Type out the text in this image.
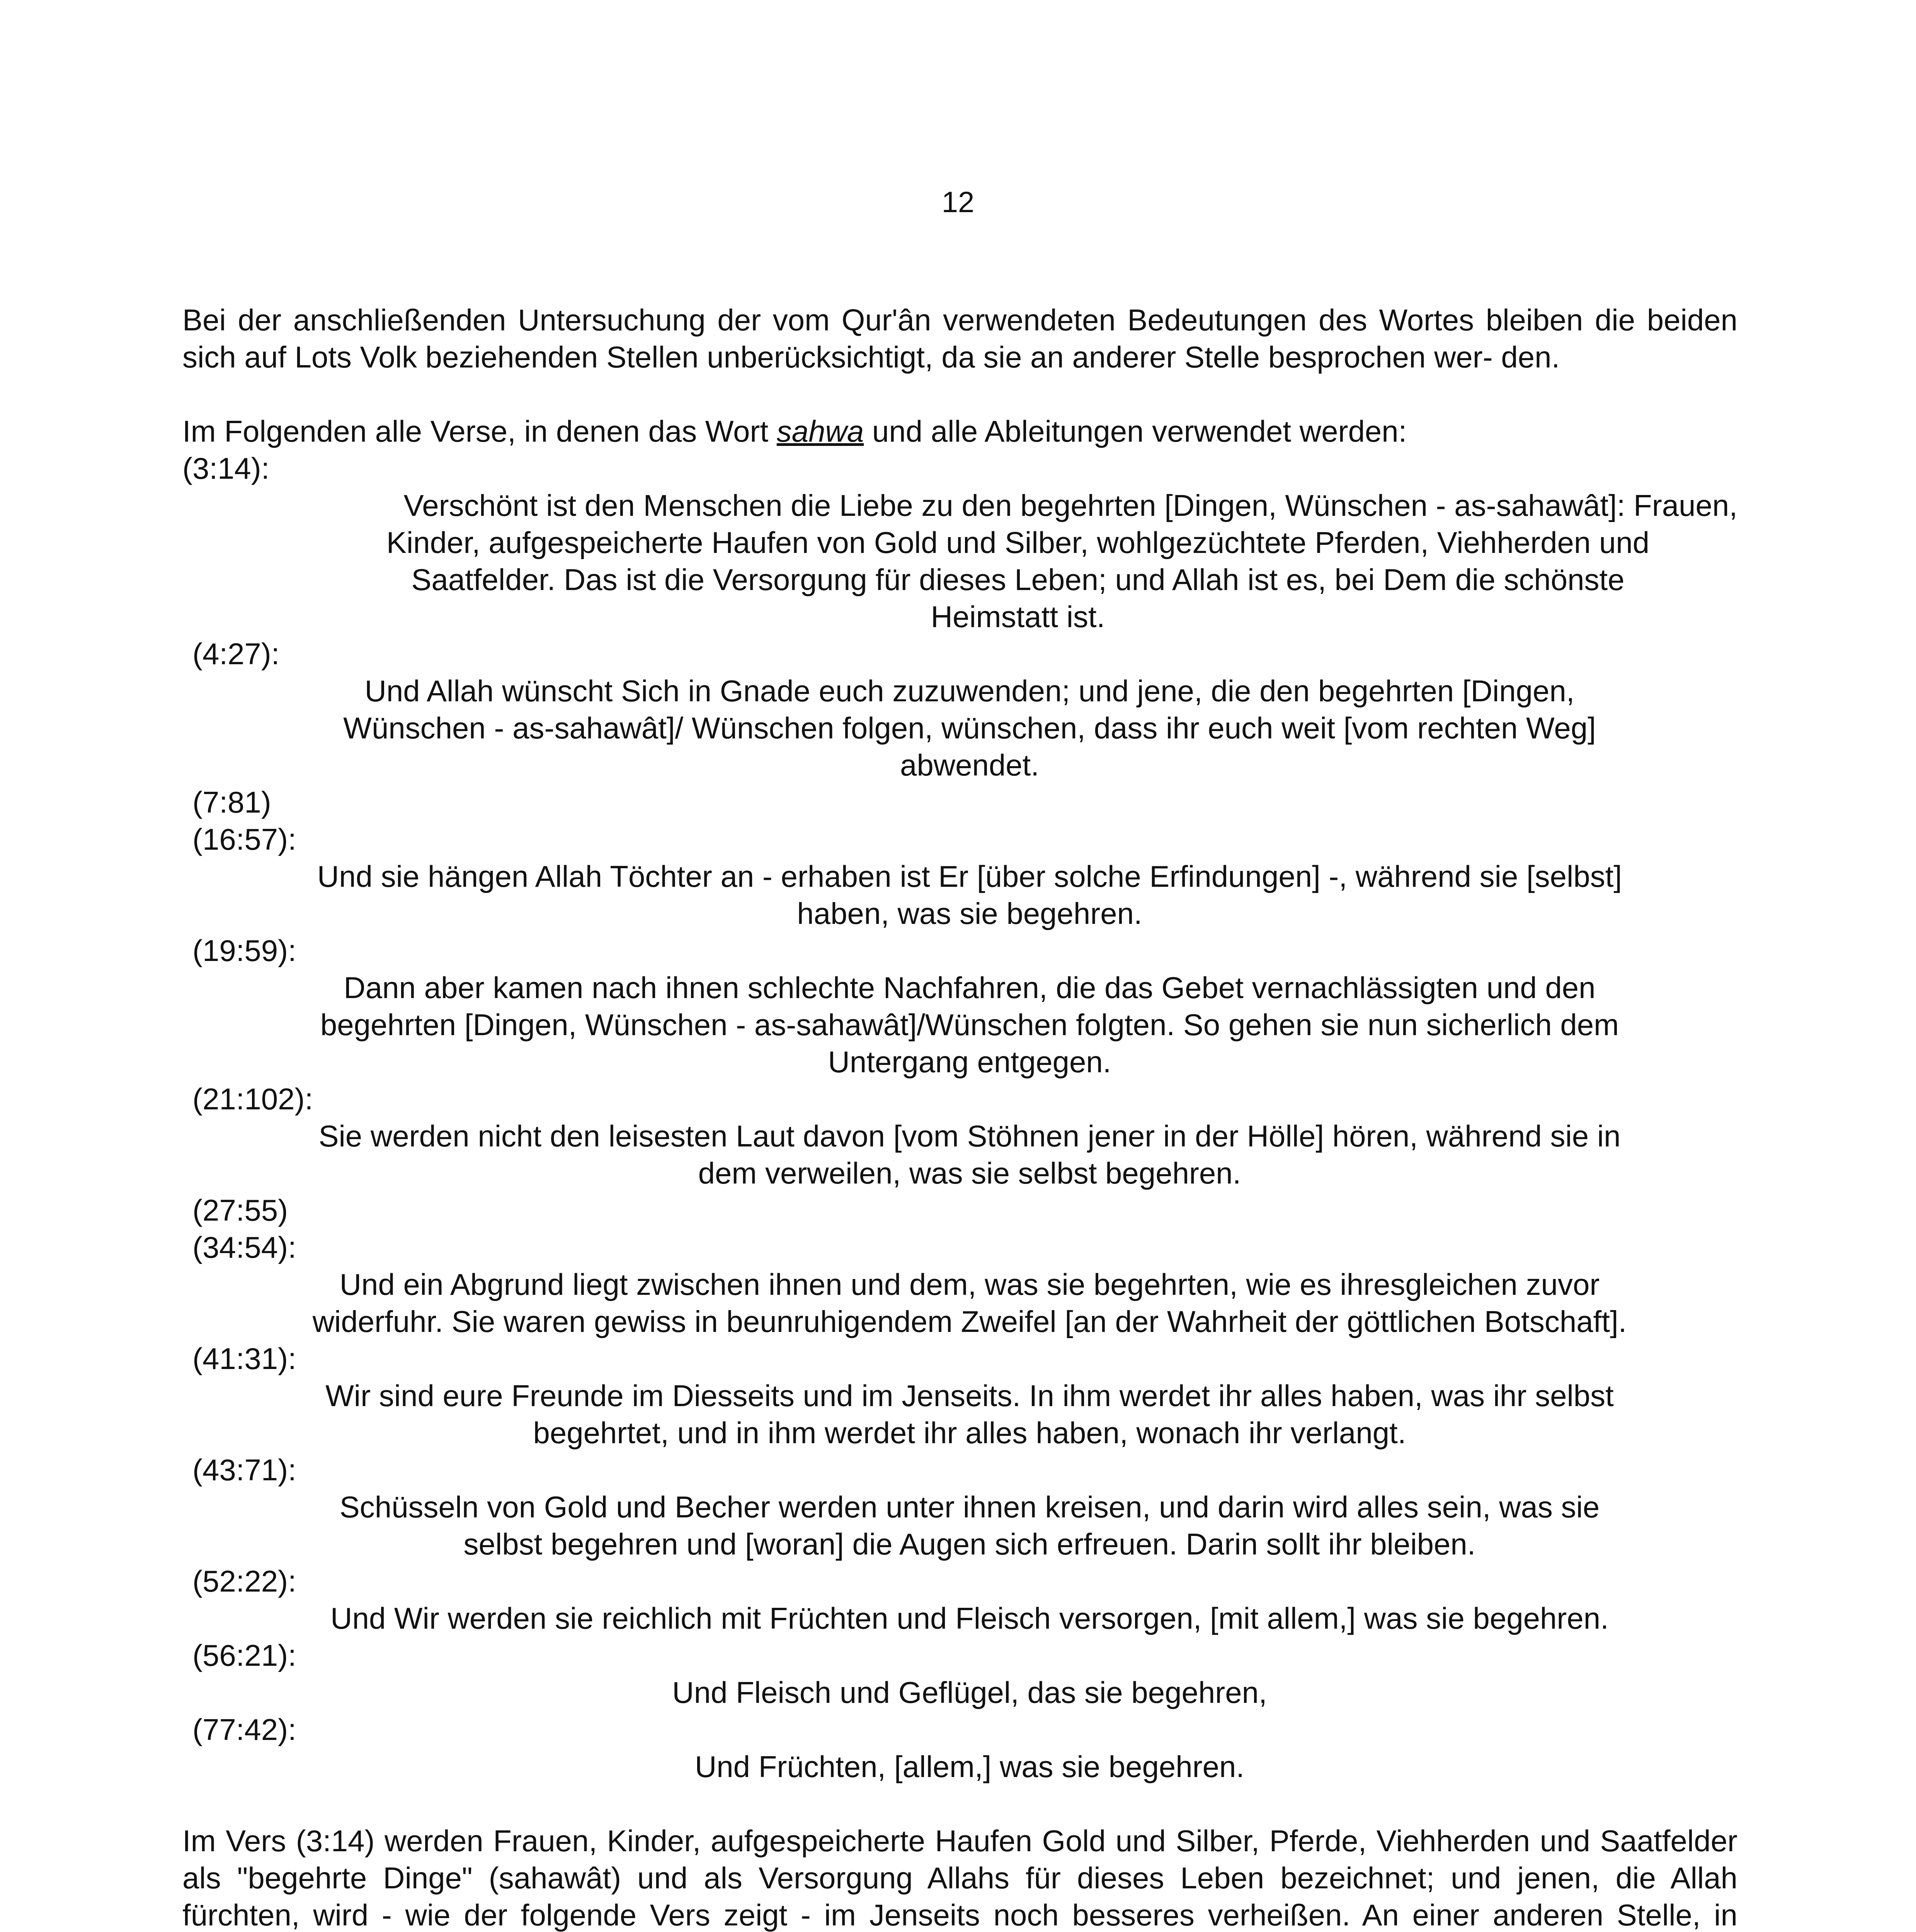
12

Bei der anschließenden Untersuchung der vom Qur'ân verwendeten Bedeutungen des Wortes bleiben die beiden sich auf Lots Volk beziehenden Stellen unberücksichtigt, da sie an anderer Stelle besprochen wer- den.

Im Folgenden alle Verse, in denen das Wort sahwa und alle Ableitungen verwendet werden:

(3:14):

Verschönt ist den Menschen die Liebe zu den begehrten [Dingen, Wünschen - as-sahawât]: Frauen,

Kinder, aufgespeicherte Haufen von Gold und Silber, wohlgezüchtete Pferden, Viehherden und

Saatfelder. Das ist die Versorgung für dieses Leben; und Allah ist es, bei Dem die schönste

Heimstatt ist.

(4:27):

Und Allah wünscht Sich in Gnade euch zuzuwenden; und jene, die den begehrten [Dingen,

Wünschen - as-sahawât]/ Wünschen folgen, wünschen, dass ihr euch weit [vom rechten Weg]

abwendet.

(7:81)

(16:57):

Und sie hängen Allah Töchter an - erhaben ist Er [über solche Erfindungen] -, während sie [selbst]

haben, was sie begehren.

(19:59):

Dann aber kamen nach ihnen schlechte Nachfahren, die das Gebet vernachlässigten und den

begehrten [Dingen, Wünschen - as-sahawât]/Wünschen folgten. So gehen sie nun sicherlich dem

Untergang entgegen.

(21:102):

Sie werden nicht den leisesten Laut davon [vom Stöhnen jener in der Hölle] hören, während sie in

dem verweilen, was sie selbst begehren.

(27:55)

(34:54):

Und ein Abgrund liegt zwischen ihnen und dem, was sie begehrten, wie es ihresgleichen zuvor

widerfuhr. Sie waren gewiss in beunruhigendem Zweifel [an der Wahrheit der göttlichen Botschaft].

(41:31):

Wir sind eure Freunde im Diesseits und im Jenseits. In ihm werdet ihr alles haben, was ihr selbst

begehrtet, und in ihm werdet ihr alles haben, wonach ihr verlangt.

(43:71):

Schüsseln von Gold und Becher werden unter ihnen kreisen, und darin wird alles sein, was sie

selbst begehren und [woran] die Augen sich erfreuen. Darin sollt ihr bleiben.

(52:22):

Und Wir werden sie reichlich mit Früchten und Fleisch versorgen, [mit allem,] was sie begehren.

(56:21):

Und Fleisch und Geflügel, das sie begehren,

(77:42):

Und Früchten, [allem,] was sie begehren.

Im Vers (3:14) werden Frauen, Kinder, aufgespeicherte Haufen Gold und Silber, Pferde, Viehherden und Saatfelder als "begehrte Dinge" (sahawât) und als Versorgung Allahs für dieses Leben bezeichnet; und jenen, die Allah fürchten, wird - wie der folgende Vers zeigt - im Jenseits noch besseres verheißen. An einer anderen Stelle, in
